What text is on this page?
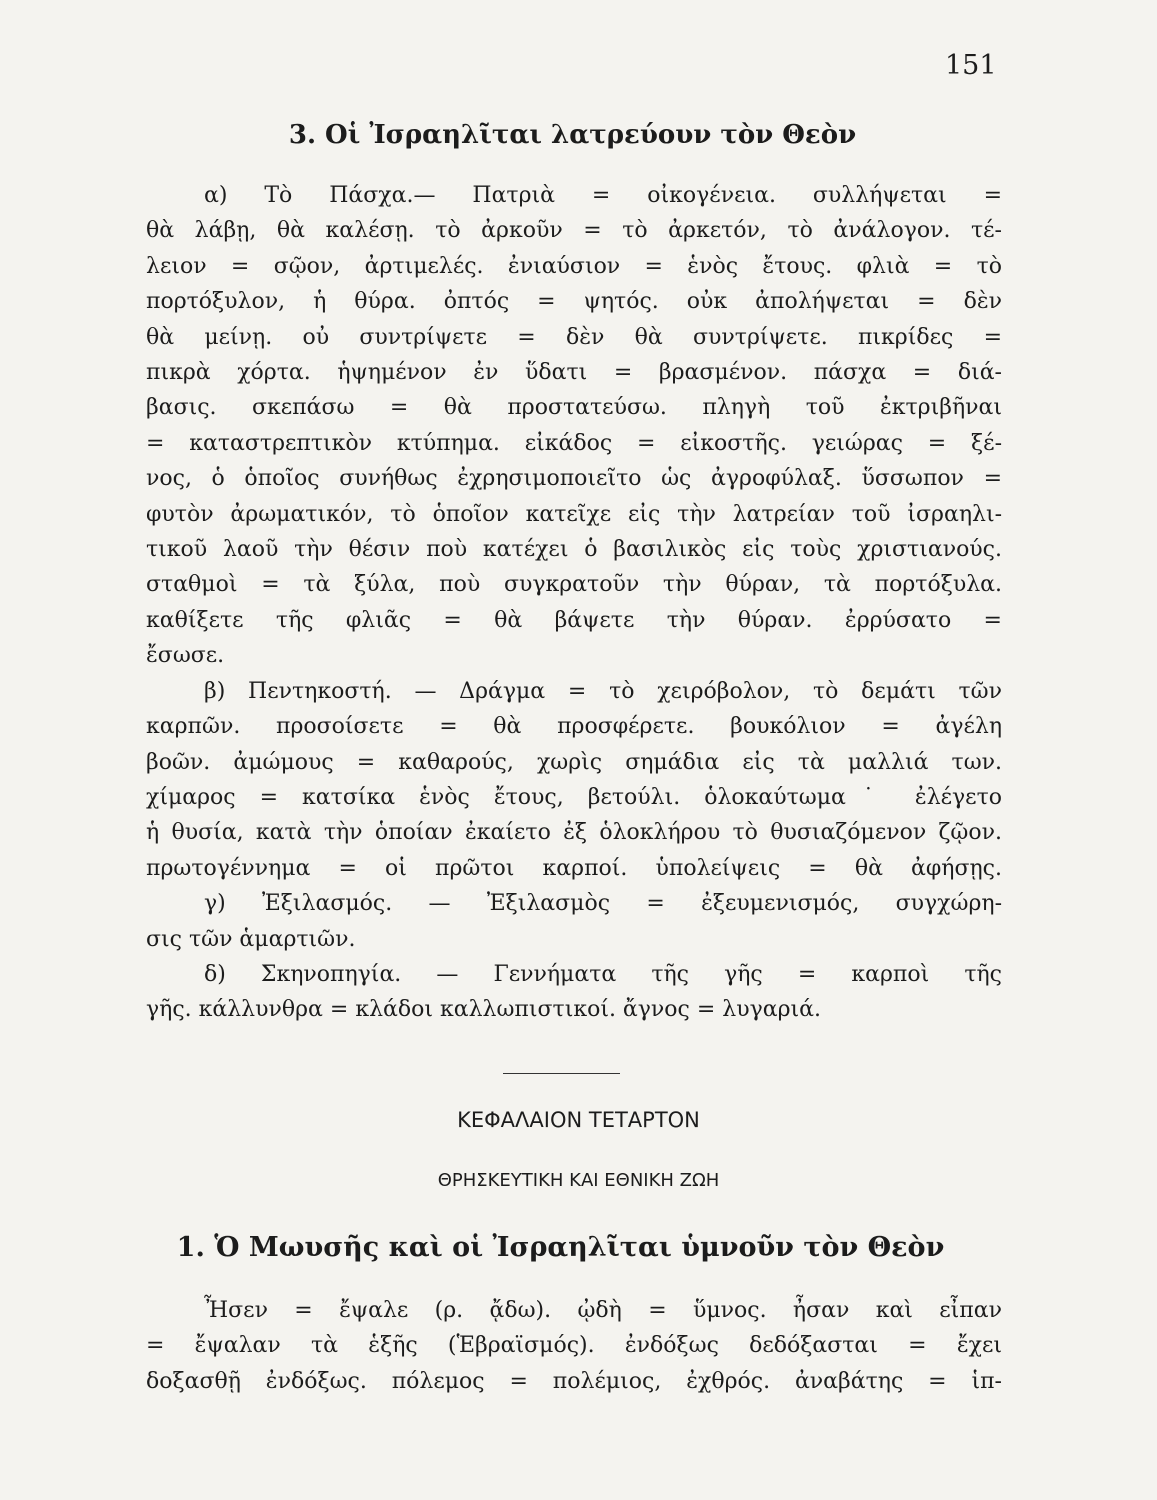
151
3. Οἱ Ἰσραηλῖται λατρεύουν τὸν Θεὸν

α) Τὸ Πάσχα.— Πατριὰ = οἰκογένεια. συλλήψεται =

θὰ λάβῃ, θὰ καλέσῃ. τὸ ἀρκοῦν = τὸ ἀρκετόν, τὸ ἀνάλογον. τέ-

λειον = σῷον, ἀρτιμελές. ἐνιαύσιον = ἑνὸς ἔτους. φλιὰ = τὸ

πορτόξυλον, ἡ θύρα. ὀπτός = ψητός. οὐκ ἀπολήψεται = δὲν

θὰ μείνῃ. οὐ συντρίψετε = δὲν θὰ συντρίψετε. πικρίδες =

πικρὰ χόρτα. ἡψημένον ἐν ὕδατι = βρασμένον. πάσχα = διά-

βασις. σκεπάσω = θὰ προστατεύσω. πληγὴ τοῦ ἐκτριβῆναι

= καταστρεπτικὸν κτύπημα. εἰκάδος = εἰκοστῆς. γειώρας = ξέ-

νος, ὁ ὁποῖος συνήθως ἐχρησιμοποιεῖτο ὡς ἀγροφύλαξ. ὕσσωπον =

φυτὸν ἀρωματικόν, τὸ ὁποῖον κατεῖχε εἰς τὴν λατρείαν τοῦ ἰσραηλι-

τικοῦ λαοῦ τὴν θέσιν ποὺ κατέχει ὁ βασιλικὸς εἰς τοὺς χριστιανούς.

σταθμοὶ = τὰ ξύλα, ποὺ συγκρατοῦν τὴν θύραν, τὰ πορτόξυλα.

καθίξετε τῆς φλιᾶς = θὰ βάψετε τὴν θύραν. ἐρρύσατο =

ἔσωσε.

β) Πεντηκοστή. — Δράγμα = τὸ χειρόβολον, τὸ δεμάτι τῶν

καρπῶν. προσοίσετε = θὰ προσφέρετε. βουκόλιον = ἀγέλη

βοῶν. ἀμώμους = καθαρούς, χωρὶς σημάδια εἰς τὰ μαλλιά των.

χίμαρος = κατσίκα ἑνὸς ἔτους, βετούλι. ὁλοκαύτωμα˙ ἐλέγετο

ἡ θυσία, κατὰ τὴν ὁποίαν ἐκαίετο ἐξ ὁλοκλήρου τὸ θυσιαζόμενον ζῷον.

πρωτογέννημα = οἱ πρῶτοι καρποί. ὑπολείψεις = θὰ ἀφήσῃς.

γ) Ἐξιλασμός. — Ἐξιλασμὸς = ἐξευμενισμός, συγχώρη-

σις τῶν ἁμαρτιῶν.

δ) Σκηνοπηγία. — Γεννήματα τῆς γῆς = καρποὶ τῆς

γῆς. κάλλυνθρα = κλάδοι καλλωπιστικοί. ἄγνος = λυγαριά.

ΚΕΦΑΛΑΙΟΝ ΤΕΤΑΡΤΟΝ
ΘΡΗΣΚΕΥΤΙΚΗ ΚΑΙ ΕΘΝΙΚΗ ΖΩΗ
1. Ὁ Μωυσῆς καὶ οἱ Ἰσραηλῖται ὑμνοῦν τὸν Θεὸν

Ἦσεν = ἔψαλε (ρ. ᾄδω). ᾠδὴ = ὕμνος. ἦσαν καὶ εἶπαν

= ἔψαλαν τὰ ἑξῆς (Ἑβραϊσμός). ἐνδόξως δεδόξασται = ἔχει

δοξασθῇ ἐνδόξως. πόλεμος = πολέμιος, ἐχθρός. ἀναβάτης = ἱπ-
